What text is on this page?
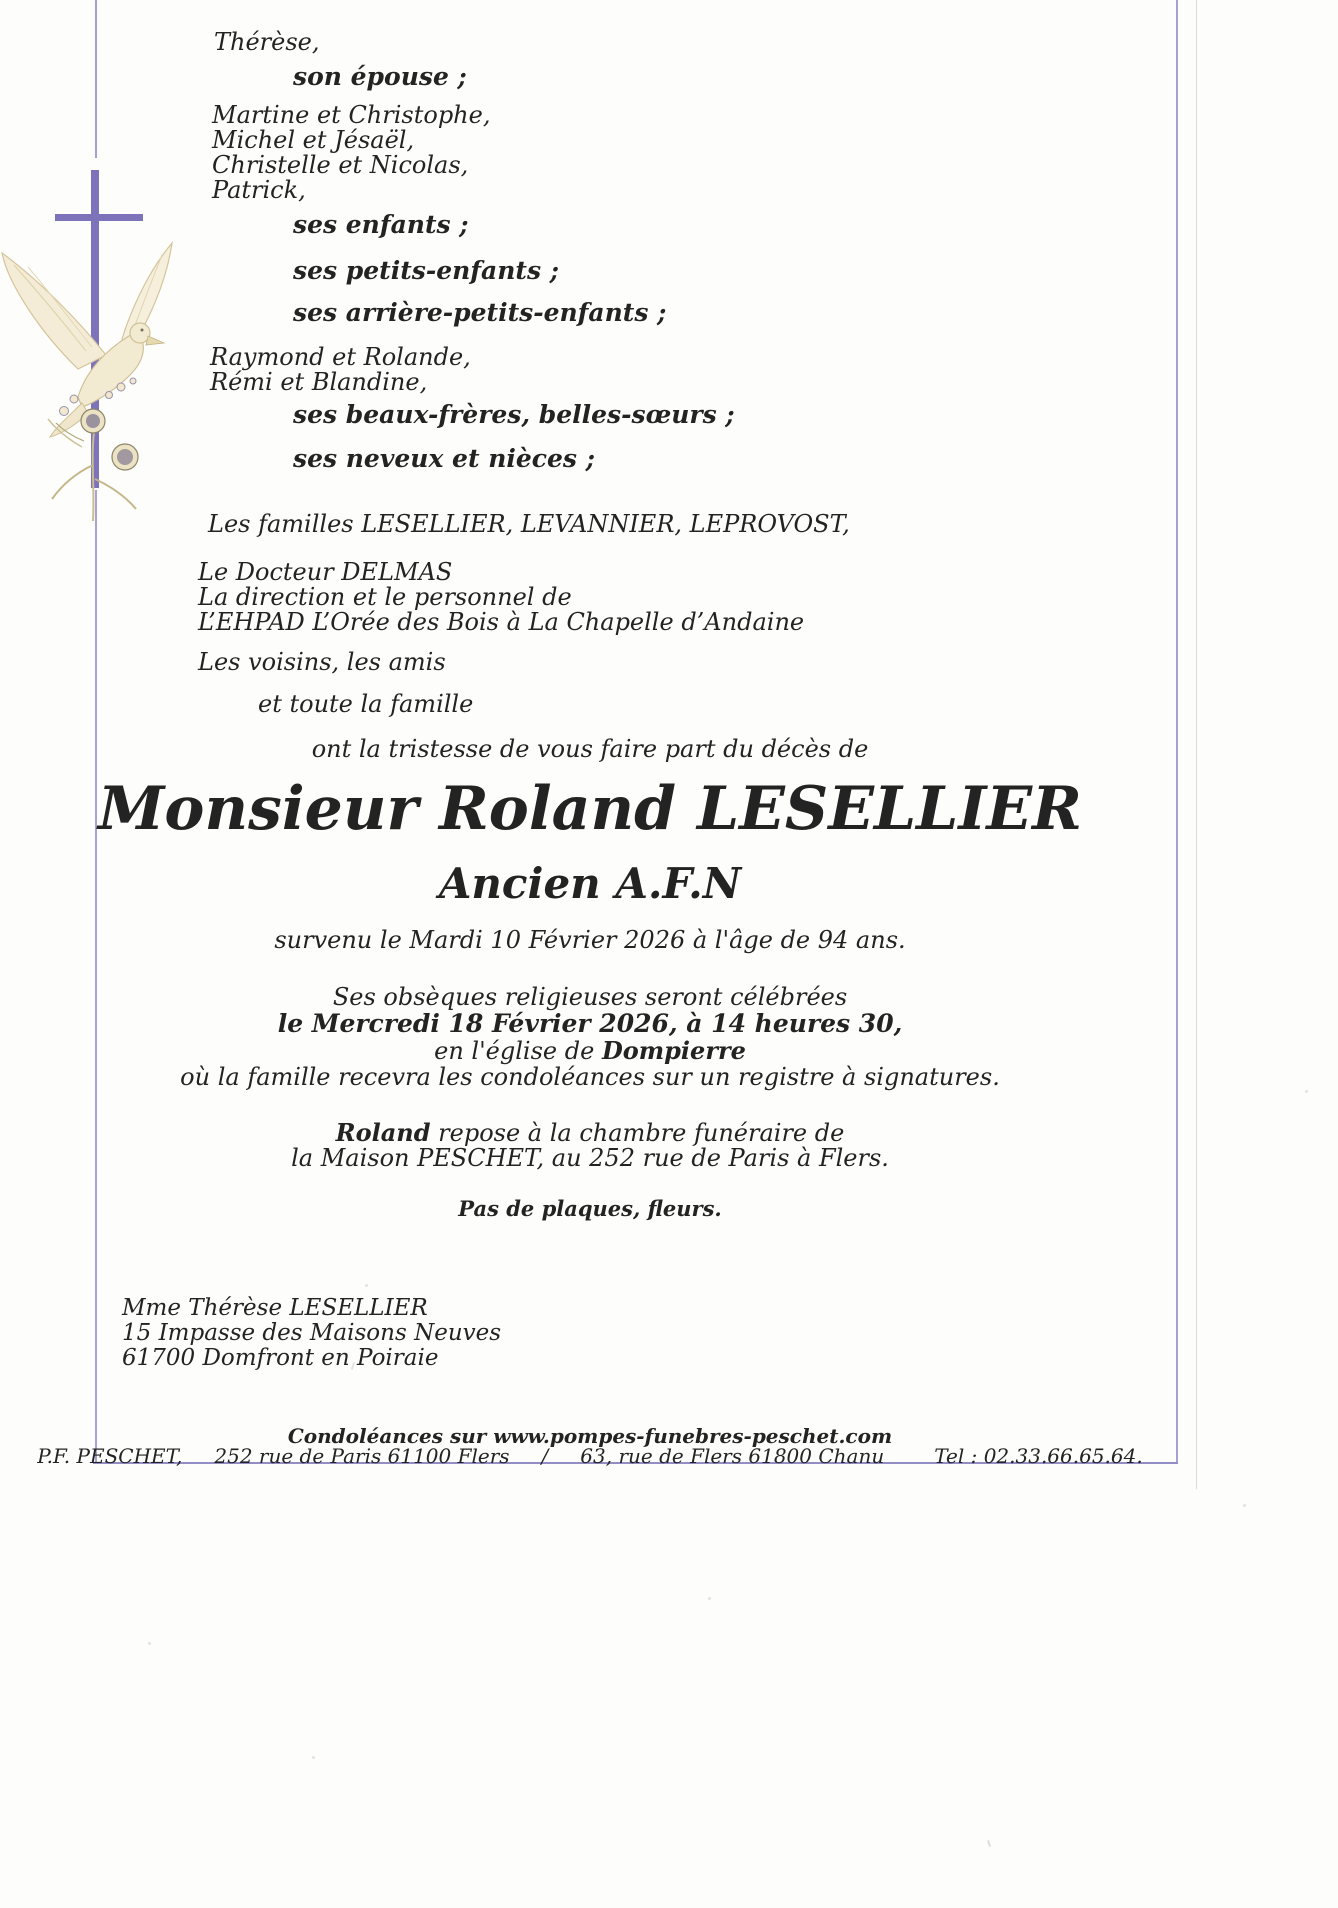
Thérèse,
son épouse ;
Martine et Christophe,
Michel et Jésaël,
Christelle et Nicolas,
Patrick,
ses enfants ;
ses petits-enfants ;
ses arrière-petits-enfants ;
Raymond et Rolande,
Rémi et Blandine,
ses beaux-frères, belles-sœurs ;
ses neveux et nièces ;
Les familles LESELLIER, LEVANNIER, LEPROVOST,
Le Docteur DELMAS
La direction et le personnel de
L’EHPAD L’Orée des Bois à La Chapelle d’Andaine
Les voisins, les amis
et toute la famille
ont la tristesse de vous faire part du décès de
Monsieur Roland LESELLIER
Ancien A.F.N
survenu le Mardi 10 Février 2026 à l'âge de 94 ans.
Ses obsèques religieuses seront célébrées
le Mercredi 18 Février 2026, à 14 heures 30,
en l'église de Dompierre
où la famille recevra les condoléances sur un registre à signatures.
Roland repose à la chambre funéraire de
la Maison PESCHET, au 252 rue de Paris à Flers.
Pas de plaques, fleurs.
Mme Thérèse LESELLIER
15 Impasse des Maisons Neuves
61700 Domfront en Poiraie
Condoléances sur www.pompes-funebres-peschet.com
P.F. PESCHET, 252 rue de Paris 61100 Flers / 63, rue de Flers 61800 Chanu	Tel : 02.33.66.65.64.
